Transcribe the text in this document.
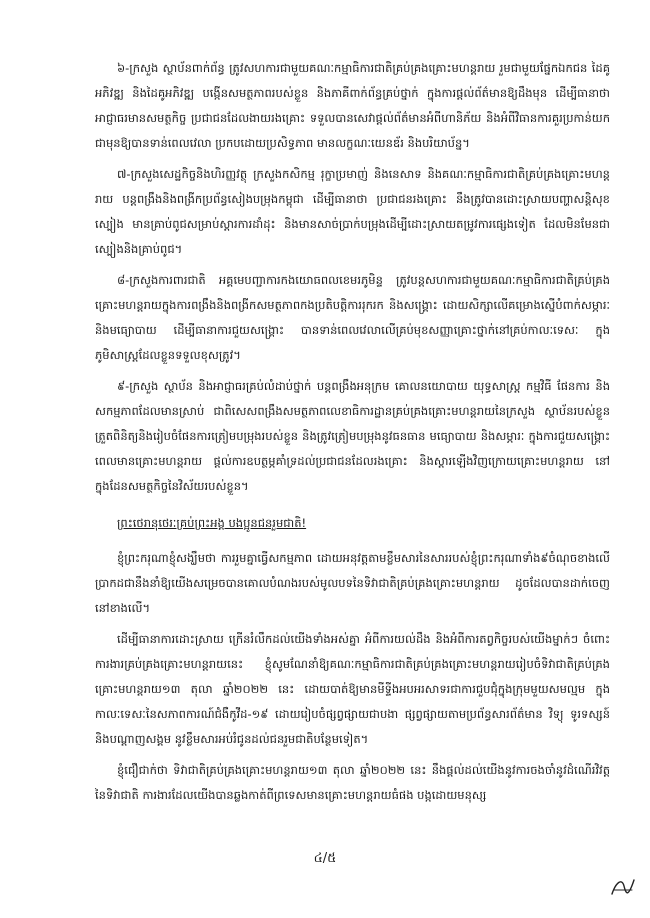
៦-ក្រសួង ស្ថាប័នពាក់ព័ន្ធ ត្រូវសហការជាមួយគណៈកម្មាធិការជាតិគ្រប់គ្រងគ្រោះមហន្តរាយ រួមជាមួយផ្នែកឯកជន ដៃគូអភិវឌ្ឍ និងដៃគូអភិវឌ្ឍ បង្កើនសមត្ថភាពរបស់ខ្លួន និងភាគីពាក់ព័ន្ធគ្រប់ថ្នាក់ ក្នុងការផ្តល់ព័ត៌មានឱ្យដឹងមុន ដើម្បីធានាថា អាជ្ញាធរមានសមត្ថកិច្ច ប្រជាជនដែលងាយរងគ្រោះ ទទួលបានសេវាផ្តល់ព័ត៌មានអំពីហានិភ័យ និងអំពីវិធានការគួរប្រកាន់យកជាមុនឱ្យបានទាន់ពេលវេលា ប្រកបដោយប្រសិទ្ធភាព មានលក្ខណៈយេនឌ័រ និងបរិយាប័ន្ន។

៧-ក្រសួងសេដ្ឋកិច្ចនិងហិរញ្ញវត្ថុ ក្រសួងកសិកម្ម រុក្ខាប្រមាញ់ និងនេសាទ និងគណៈកម្មាធិការជាតិគ្រប់គ្រងគ្រោះមហន្តរាយ បន្តពង្រឹងនិងពង្រីកប្រព័ន្ធសៀងបម្រុងកម្ពុជា ដើម្បីធានាថា ប្រជាជនរងគ្រោះ នឹងត្រូវបានដោះស្រាយបញ្ហាសន្តិសុខស្បៀង មានគ្រាប់ពូជសម្រាប់ស្តារការដាំដុះ និងមានសាច់ប្រាក់បម្រុងដើម្បីដោះស្រាយតម្រូវការផ្សេងទៀត ដែលមិនមែនជាស្បៀងនិងគ្រាប់ពូជ។

៨-ក្រសួងការពារជាតិ អគ្គមេបញ្ជាការកងយោធពលខេមរភូមិន្ទ ត្រូវបន្តសហការជាមួយគណៈកម្មាធិការជាតិគ្រប់គ្រងគ្រោះមហន្តរាយក្នុងការពង្រឹងនិងពង្រីកសមត្ថភាពកងប្រតិបត្តិការរុករក និងសង្គ្រោះ ដោយសិក្សាលើគម្រោងស្នើបំពាក់សម្ភារៈនិងមធ្យោបាយ ដើម្បីធានាការជួយសង្គ្រោះ បានទាន់ពេលវេលាលើគ្រប់មុខសញ្ញាគ្រោះថ្នាក់នៅគ្រប់កាលៈទេសៈ ក្នុងភូមិសាស្ត្រដែលខ្លួនទទួលខុសត្រូវ។

៩-ក្រសួង ស្ថាប័ន និងអាជ្ញាធរគ្រប់លំដាប់ថ្នាក់ បន្តពង្រឹងអនុក្រម គោលនយោបាយ យុទ្ធសាស្ត្រ កម្មវិធី ផែនការ និងសកម្មភាពដែលមានស្រាប់ ជាពិសេសពង្រឹងសមត្ថភាពលេខាធិការដ្ឋានគ្រប់គ្រងគ្រោះមហន្តរាយនៃក្រសួង ស្ថាប័នរបស់ខ្លួន ត្រួតពិនិត្យនិងរៀបចំផែនការត្រៀមបម្រុងរបស់ខ្លួន និងត្រូវត្រៀមបម្រុងនូវធនធាន មធ្យោបាយ និងសម្ភារៈ ក្នុងការជួយសង្គ្រោះពេលមានគ្រោះមហន្តរាយ ផ្តល់ការឧបត្ថម្ភគាំទ្រដល់ប្រជាជនដែលរងគ្រោះ និងស្តារឡើងវិញក្រោយគ្រោះមហន្តរាយ នៅក្នុងដែនសមត្ថកិច្ចនៃវិស័យរបស់ខ្លួន។

ព្រះថេរានុថេរៈគ្រប់ព្រះអង្គ បងប្អូនជនរួមជាតិ!

ខ្ញុំព្រះករុណាខ្ញុំសង្ឃឹមថា ការរួមគ្នាធ្វើសកម្មភាព ដោយអនុវត្តតាមខ្លឹមសារនៃសាររបស់ខ្ញុំព្រះករុណាទាំង៩ចំណុចខាងលើ ប្រាកដជានឹងនាំឱ្យយើងសម្រេចបានគោលបំណងរបស់មូលបទនៃទិវាជាតិគ្រប់គ្រងគ្រោះមហន្តរាយ ដូចដែលបានដាក់ចេញនៅខាងលើ។

ដើម្បីធានាការដោះស្រាយ ក្រើនរំលឹកដល់យើងទាំងអស់គ្នា អំពីការយល់ដឹង និងអំពីការតព្វកិច្ចរបស់យើងម្នាក់ៗ ចំពោះការងារគ្រប់គ្រងគ្រោះមហន្តរាយនេះ ខ្ញុំសូមណែនាំឱ្យគណៈកម្មាធិការជាតិគ្រប់គ្រងគ្រោះមហន្តរាយរៀបចំទិវាជាតិគ្រប់គ្រងគ្រោះមហន្តរាយ១៣ តុលា ឆ្នាំ២០២២ នេះ ដោយបាត់ឱ្យមានមីទ្ទីងអបអរសាទរជាការជួបជុំក្នុងក្រុមមួយសមល្មម ក្នុងកាលៈទេសៈនៃសភាពការណ៍ជំងឺកូវីដ-១៩ ដោយរៀបចំផ្សព្វផ្សាយជាបងា ផ្សព្វផ្សាយតាមប្រព័ន្ធសារព័ត៌មាន វិទ្យុ ទូរទស្សន៍ និងបណ្តាញសង្គម នូវខ្លឹមសារអប់រំជូនដល់ជនរួមជាតិបន្ថែមទៀត។

ខ្ញុំជឿជាក់ថា ទិវាជាតិគ្រប់គ្រងគ្រោះមហន្តរាយ១៣ តុលា ឆ្នាំ២០២២ នេះ នឹងផ្តល់ដល់យើងនូវការចងចាំនូវដំណើរវិវត្តនៃទិវាជាតិ ការងារដែលយើងបានឆ្លងកាត់ពីព្រទេសមានគ្រោះមហន្តរាយធំផង បង្កដោយមនុស្ស

៤/៥
